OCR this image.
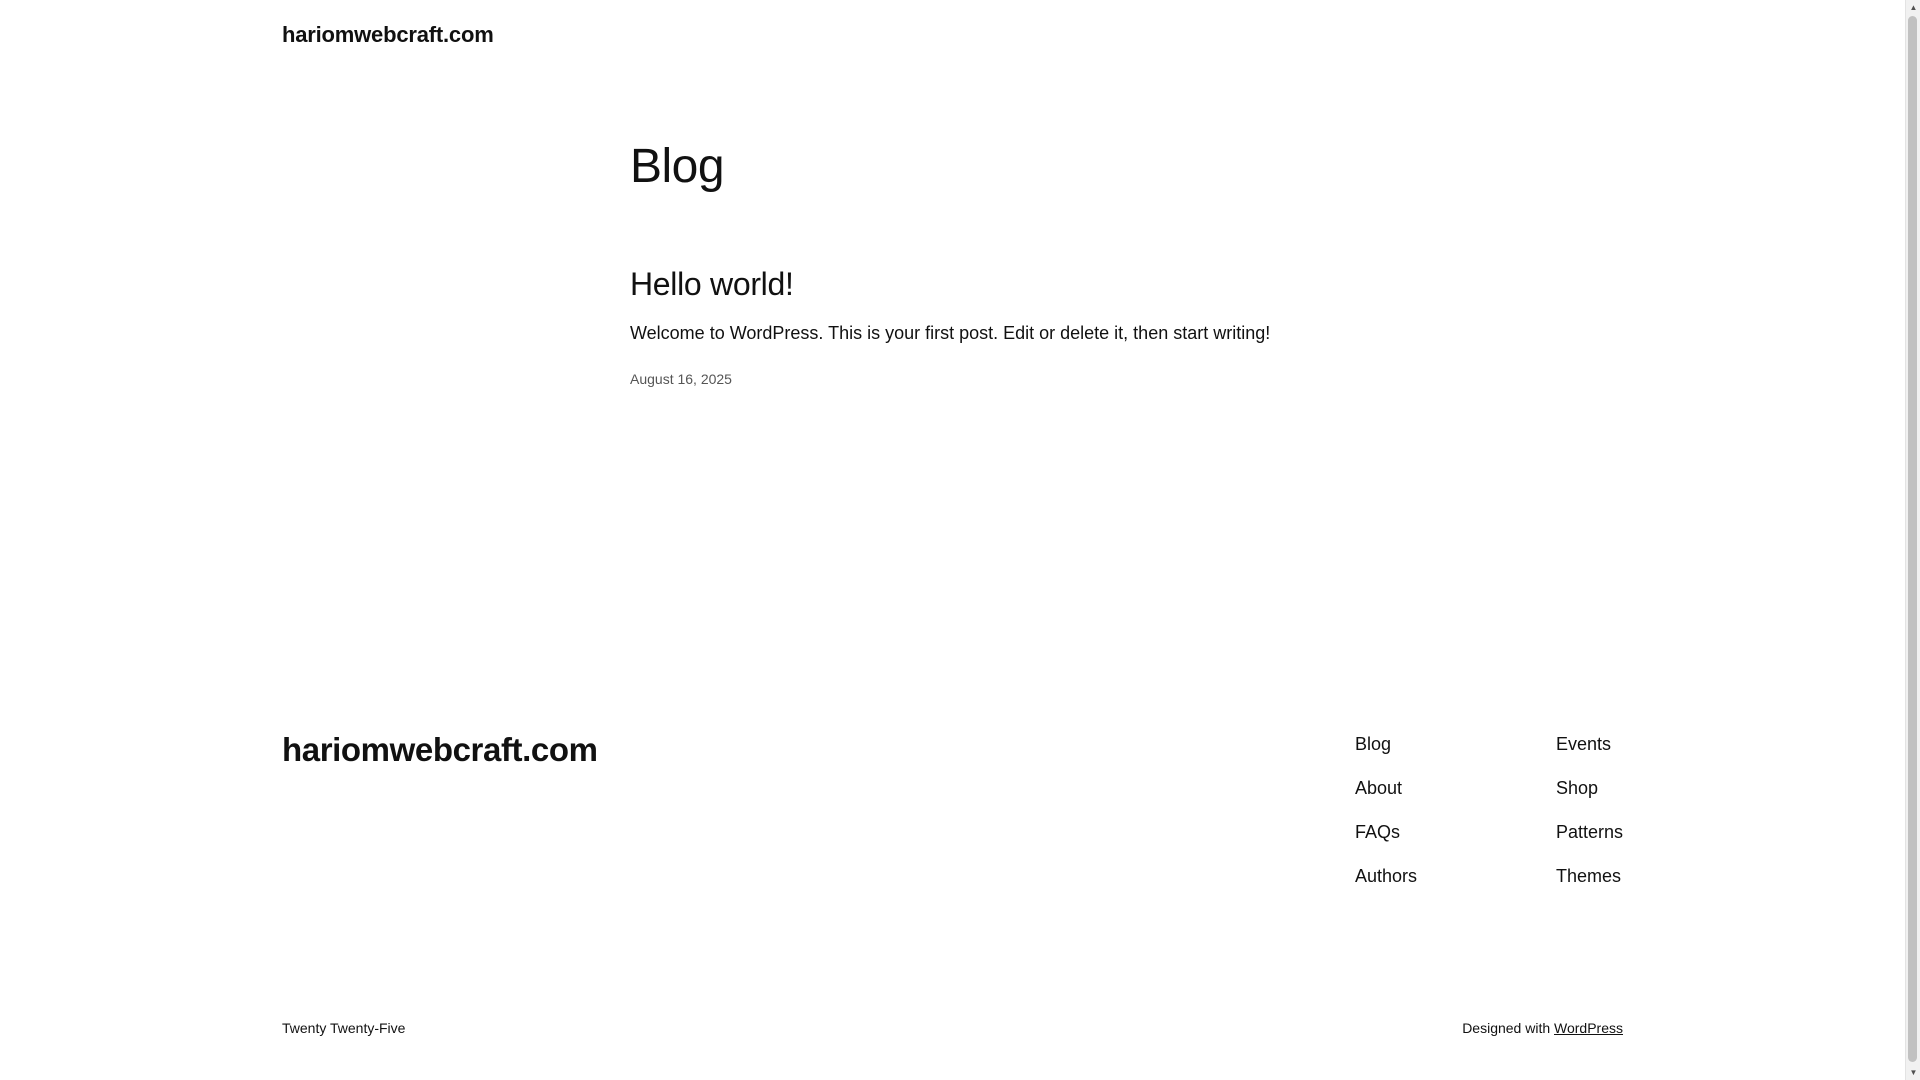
hariomwebcraft.com
Blog
Hello world!

Welcome to WordPress. This is your first post. Edit or delete it, then start writing!

August 16, 2025
hariomwebcraft.com	Blog
About
FAQs
Authors
Events
Shop
Patterns
Themes
Twenty Twenty-Five	Designed with WordPress
▲
▼
